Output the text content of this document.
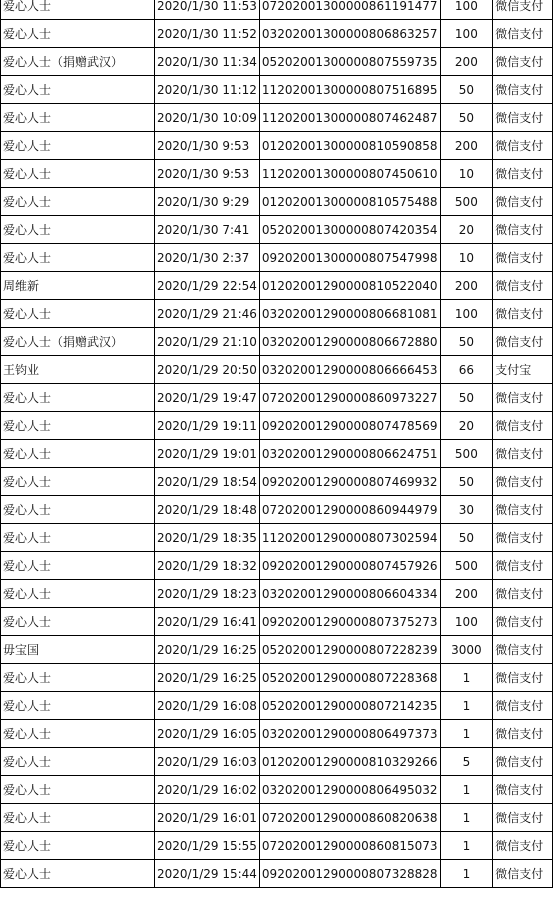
爱心人士	2020/1/30 11:53	07202001300000861191477	100	微信支付
爱心人士	2020/1/30 11:52	03202001300000806863257	100	微信支付
爱心人士（捐赠武汉）	2020/1/30 11:34	05202001300000807559735	200	微信支付
爱心人士	2020/1/30 11:12	11202001300000807516895	50	微信支付
爱心人士	2020/1/30 10:09	11202001300000807462487	50	微信支付
爱心人士	2020/1/30 9:53	01202001300000810590858	200	微信支付
爱心人士	2020/1/30 9:53	11202001300000807450610	10	微信支付
爱心人士	2020/1/30 9:29	01202001300000810575488	500	微信支付
爱心人士	2020/1/30 7:41	05202001300000807420354	20	微信支付
爱心人士	2020/1/30 2:37	09202001300000807547998	10	微信支付
周维新	2020/1/29 22:54	01202001290000810522040	200	微信支付
爱心人士	2020/1/29 21:46	03202001290000806681081	100	微信支付
爱心人士（捐赠武汉）	2020/1/29 21:10	03202001290000806672880	50	微信支付
王钧业	2020/1/29 20:50	03202001290000806666453	66	支付宝
爱心人士	2020/1/29 19:47	07202001290000860973227	50	微信支付
爱心人士	2020/1/29 19:11	09202001290000807478569	20	微信支付
爱心人士	2020/1/29 19:01	03202001290000806624751	500	微信支付
爱心人士	2020/1/29 18:54	09202001290000807469932	50	微信支付
爱心人士	2020/1/29 18:48	07202001290000860944979	30	微信支付
爱心人士	2020/1/29 18:35	11202001290000807302594	50	微信支付
爱心人士	2020/1/29 18:32	09202001290000807457926	500	微信支付
爱心人士	2020/1/29 18:23	03202001290000806604334	200	微信支付
爱心人士	2020/1/29 16:41	09202001290000807375273	100	微信支付
毋宝国	2020/1/29 16:25	05202001290000807228239	3000	微信支付
爱心人士	2020/1/29 16:25	05202001290000807228368	1	微信支付
爱心人士	2020/1/29 16:08	05202001290000807214235	1	微信支付
爱心人士	2020/1/29 16:05	03202001290000806497373	1	微信支付
爱心人士	2020/1/29 16:03	01202001290000810329266	5	微信支付
爱心人士	2020/1/29 16:02	03202001290000806495032	1	微信支付
爱心人士	2020/1/29 16:01	07202001290000860820638	1	微信支付
爱心人士	2020/1/29 15:55	07202001290000860815073	1	微信支付
爱心人士	2020/1/29 15:44	09202001290000807328828	1	微信支付
